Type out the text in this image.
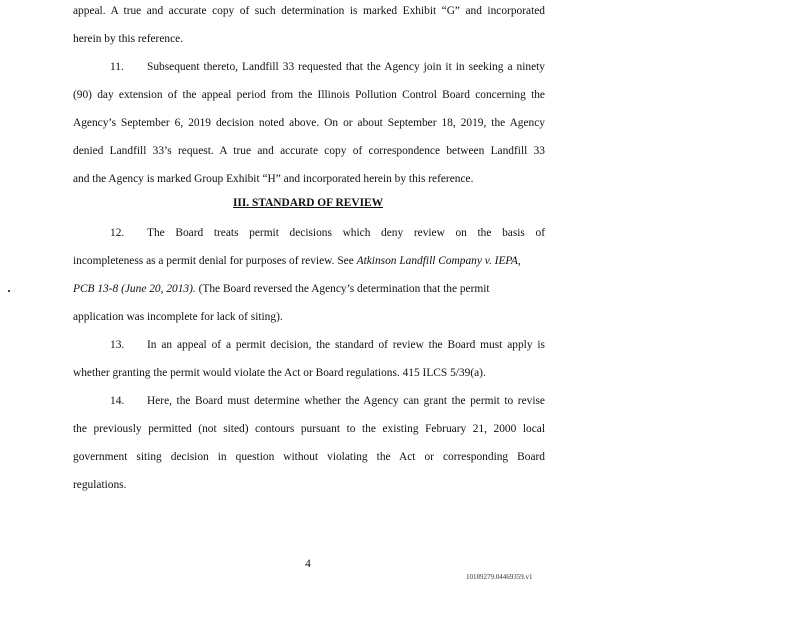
appeal. A true and accurate copy of such determination is marked Exhibit “G” and incorporated
herein by this reference.
11. Subsequent thereto, Landfill 33 requested that the Agency join it in seeking a ninety
(90) day extension of the appeal period from the Illinois Pollution Control Board concerning the
Agency’s September 6, 2019 decision noted above. On or about September 18, 2019, the Agency
denied Landfill 33’s request. A true and accurate copy of correspondence between Landfill 33
and the Agency is marked Group Exhibit “H” and incorporated herein by this reference.
III. STANDARD OF REVIEW
12. The Board treats permit decisions which deny review on the basis of
incompleteness as a permit denial for purposes of review. See Atkinson Landfill Company v. IEPA,
PCB 13-8 (June 20, 2013). (The Board reversed the Agency’s determination that the permit
application was incomplete for lack of siting).
13. In an appeal of a permit decision, the standard of review the Board must apply is
whether granting the permit would violate the Act or Board regulations. 415 ILCS 5/39(a).
14. Here, the Board must determine whether the Agency can grant the permit to revise
the previously permitted (not sited) contours pursuant to the existing February 21, 2000 local
government siting decision in question without violating the Act or corresponding Board
regulations.
4
10189279.04469359.v1
